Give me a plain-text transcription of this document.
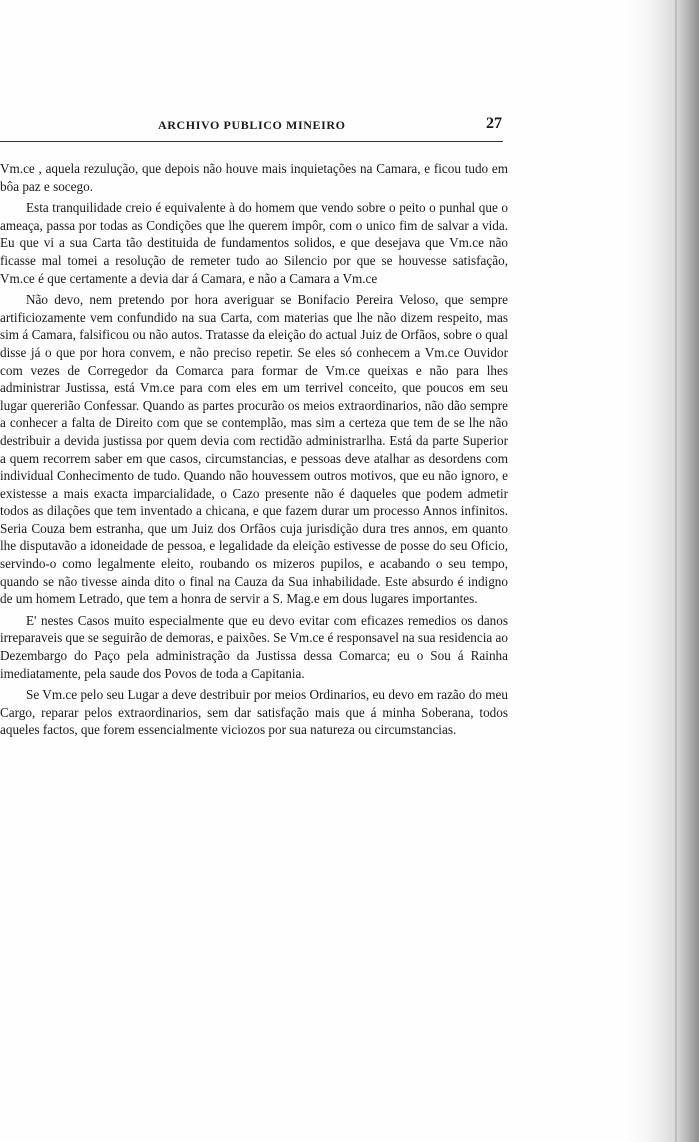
ARCHIVO PUBLICO MINEIRO	27

Vm.ce , aquela rezulução, que depois não houve mais inquietações na Camara, e ficou tudo em bôa paz e socego.

Esta tranquilidade creio é equivalente à do homem que vendo sobre o peito o punhal que o ameaça, passa por todas as Condições que lhe querem impôr, com o unico fim de salvar a vida. Eu que vi a sua Carta tão destituida de fundamentos solidos, e que desejava que Vm.ce não ficasse mal tomei a resolução de remeter tudo ao Silencio por que se houvesse satisfação, Vm.ce é que certamente a devia dar á Camara, e não a Camara a Vm.ce

Não devo, nem pretendo por hora averiguar se Bonifacio Pereira Veloso, que sempre artificiozamente vem confundido na sua Carta, com materias que lhe não dizem respeito, mas sim á Camara, falsificou ou não autos. Tratasse da eleição do actual Juiz de Orfãos, sobre o qual disse já o que por hora convem, e não preciso repetir. Se eles só conhecem a Vm.ce Ouvidor com vezes de Corregedor da Comarca para formar de Vm.ce queixas e não para lhes administrar Justissa, está Vm.ce para com eles em um terrivel conceito, que poucos em seu lugar quererião Confessar. Quando as partes procurão os meios extraordinarios, não dão sempre a conhecer a falta de Direito com que se contemplão, mas sim a certeza que tem de se lhe não destribuir a devida justissa por quem devia com rectidão administrarlha. Está da parte Superior a quem recorrem saber em que casos, circumstancias, e pessoas deve atalhar as desordens com individual Conhecimento de tudo. Quando não houvessem outros motivos, que eu não ignoro, e existesse a mais exacta imparcialidade, o Cazo presente não é daqueles que podem admetir todos as dilações que tem inventado a chicana, e que fazem durar um processo Annos infinitos. Seria Couza bem estranha, que um Juiz dos Orfãos cuja jurisdição dura tres annos, em quanto lhe disputavão a idoneidade de pessoa, e legalidade da eleição estivesse de posse do seu Oficio, servindo-o como legalmente eleito, roubando os mizeros pupilos, e acabando o seu tempo, quando se não tivesse ainda dito o final na Cauza da Sua inhabilidade. Este absurdo é indigno de um homem Letrado, que tem a honra de servir a S. Mag.e em dous lugares importantes.

E' nestes Casos muito especialmente que eu devo evitar com eficazes remedios os danos irreparaveis que se seguirão de demoras, e paixões. Se Vm.ce é responsavel na sua residencia ao Dezembargo do Paço pela administração da Justissa dessa Comarca; eu o Sou á Rainha imediatamente, pela saude dos Povos de toda a Capitania.

Se Vm.ce pelo seu Lugar a deve destribuir por meios Ordinarios, eu devo em razão do meu Cargo, reparar pelos extraordinarios, sem dar satisfação mais que á minha Soberana, todos aqueles factos, que forem essencialmente viciozos por sua natureza ou circumstancias.
